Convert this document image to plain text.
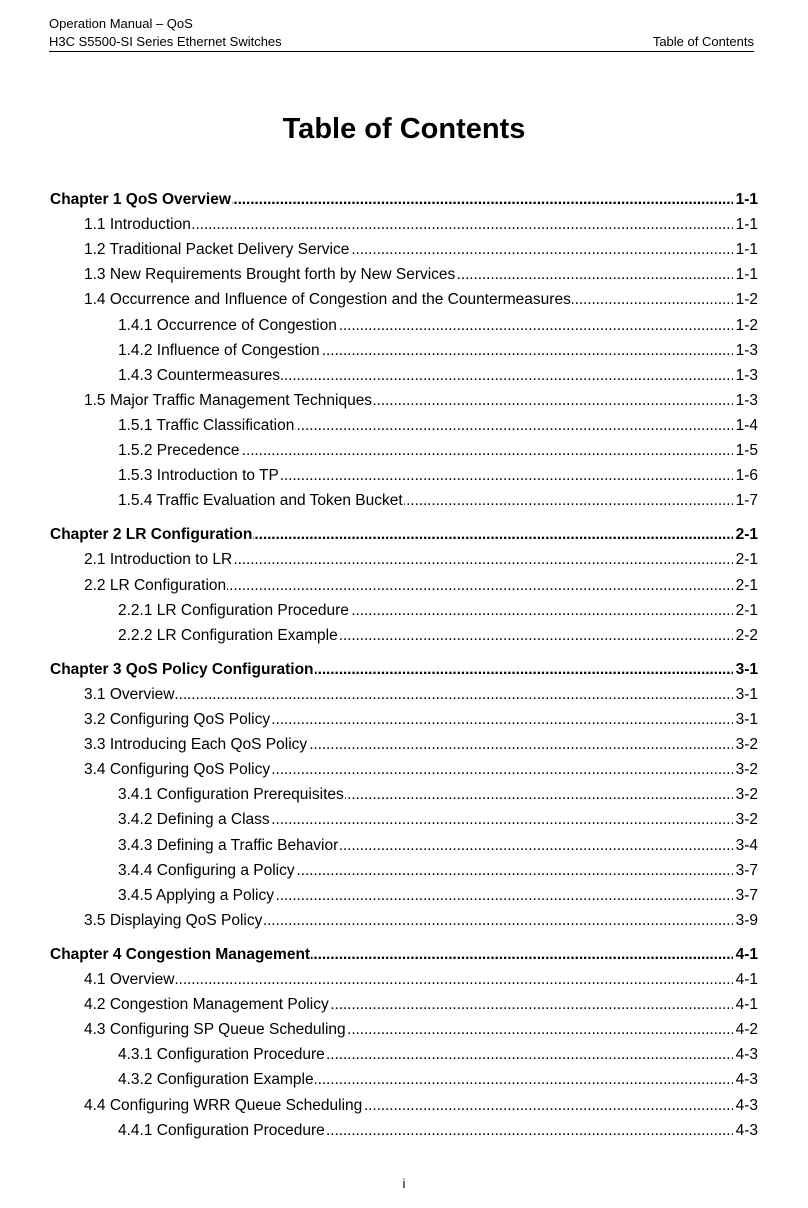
Operation Manual – QoS
H3C S5500-SI Series Ethernet Switches	Table of Contents
Table of Contents
Chapter 1 QoS Overview . . .	1-1
1.1 Introduction . . .	1-1
1.2 Traditional Packet Delivery Service . . .	1-1
1.3 New Requirements Brought forth by New Services . . .	1-1
1.4 Occurrence and Influence of Congestion and the Countermeasures . . .	1-2
1.4.1 Occurrence of Congestion . . .	1-2
1.4.2 Influence of Congestion . . .	1-3
1.4.3 Countermeasures . . .	1-3
1.5 Major Traffic Management Techniques . . .	1-3
1.5.1 Traffic Classification . . .	1-4
1.5.2 Precedence . . .	1-5
1.5.3 Introduction to TP . . .	1-6
1.5.4 Traffic Evaluation and Token Bucket . . .	1-7
Chapter 2 LR Configuration . . .	2-1
2.1 Introduction to LR . . .	2-1
2.2 LR Configuration . . .	2-1
2.2.1 LR Configuration Procedure . . .	2-1
2.2.2 LR Configuration Example . . .	2-2
Chapter 3 QoS Policy Configuration . . .	3-1
3.1 Overview . . .	3-1
3.2 Configuring QoS Policy . . .	3-1
3.3 Introducing Each QoS Policy . . .	3-2
3.4 Configuring QoS Policy . . .	3-2
3.4.1 Configuration Prerequisites . . .	3-2
3.4.2 Defining a Class . . .	3-2
3.4.3 Defining a Traffic Behavior . . .	3-4
3.4.4 Configuring a Policy . . .	3-7
3.4.5 Applying a Policy . . .	3-7
3.5 Displaying QoS Policy . . .	3-9
Chapter 4 Congestion Management . . .	4-1
4.1 Overview . . .	4-1
4.2 Congestion Management Policy . . .	4-1
4.3 Configuring SP Queue Scheduling . . .	4-2
4.3.1 Configuration Procedure . . .	4-3
4.3.2 Configuration Example . . .	4-3
4.4 Configuring WRR Queue Scheduling . . .	4-3
4.4.1 Configuration Procedure . . .	4-3
i
